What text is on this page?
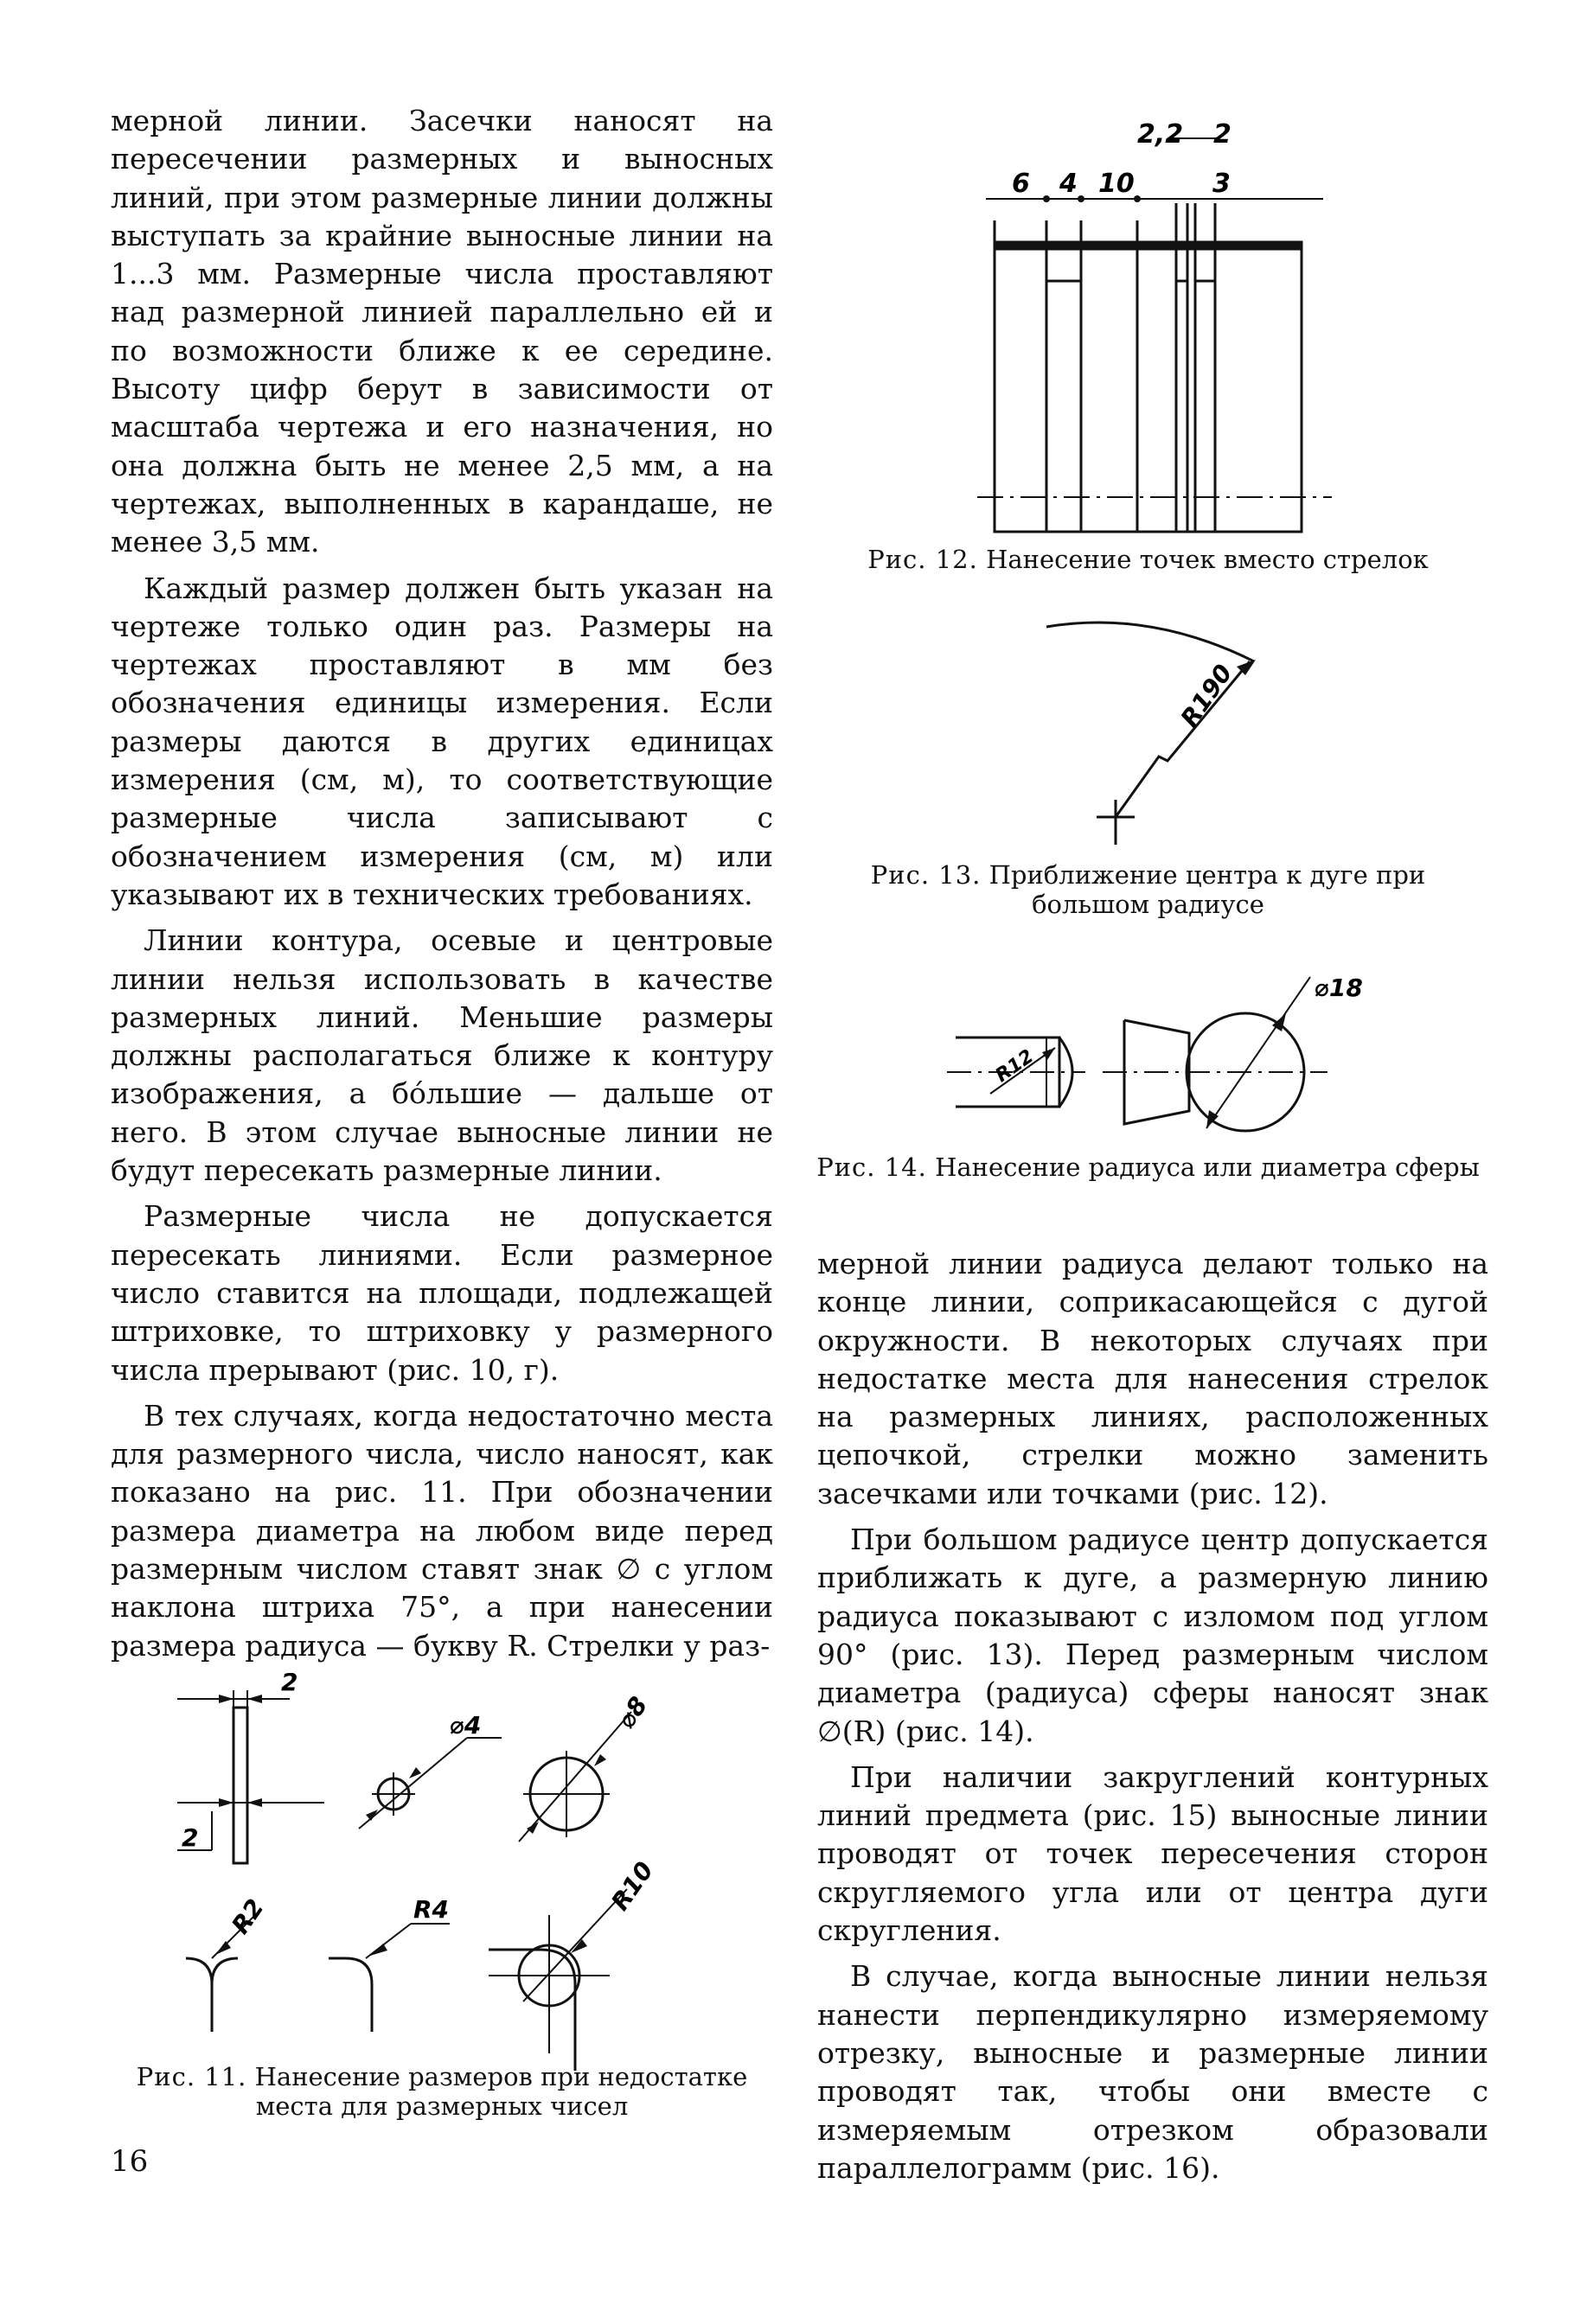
мерной линии. Засечки наносят на пересечении размерных и выносных линий, при этом размерные линии должны выступать за крайние выносные линии на 1...3 мм. Размерные числа проставляют над размерной линией параллельно ей и по возможности ближе к ее середине. Высоту цифр берут в зависимости от масштаба чертежа и его назначения, но она должна быть не менее 2,5 мм, а на чертежах, выполненных в карандаше, не менее 3,5 мм.

Каждый размер должен быть указан на чертеже только один раз. Размеры на чертежах проставляют в мм без обозначения единицы измерения. Если размеры даются в других единицах измерения (см, м), то соответствующие размерные числа записывают с обозначением измерения (см, м) или указывают их в технических требованиях.

Линии контура, осевые и центровые линии нельзя использовать в качестве размерных линий. Меньшие размеры должны располагаться ближе к контуру изображения, а бо́льшие — дальше от него. В этом случае выносные линии не будут пересекать размерные линии.

Размерные числа не допускается пересекать линиями. Если размерное число ставится на площади, подлежащей штриховке, то штриховку у размерного числа прерывают (рис. 10, г).

В тех случаях, когда недостаточно места для размерного числа, число наносят, как показано на рис. 11. При обозначении размера диаметра на любом виде перед размерным числом ставят знак ∅ с углом наклона штриха 75°, а при нанесении размера радиуса — букву R. Стрелки у раз-

6 4 10
2,2 2
3
Рис. 12. Нанесение точек вместо стрелок
R190
Рис. 13. Приближение центра к дуге при большом радиусе
⌀18
R12
Рис. 14. Нанесение радиуса или диаметра сферы

мерной линии радиуса делают только на конце линии, соприкасающейся с дугой окружности. В некоторых случаях при недостатке места для нанесения стрелок на размерных линиях, расположенных цепочкой, стрелки можно заменить засечками или точками (рис. 12).

При большом радиусе центр допускается приближать к дуге, а размерную линию радиуса показывают с изломом под углом 90° (рис. 13). Перед размерным числом диаметра (радиуса) сферы наносят знак ∅(R) (рис. 14).

При наличии закруглений контурных линий предмета (рис. 15) выносные линии проводят от точек пересечения сторон скругляемого угла или от центра дуги скругления.

В случае, когда выносные линии нельзя нанести перпендикулярно измеряемому отрезку, выносные и размерные линии проводят так, чтобы они вместе с измеряемым отрезком образовали параллелограмм (рис. 16).

2
2
⌀4	⌀8
R2	R4	R10
Рис. 11. Нанесение размеров при недостатке места для размерных чисел
16
